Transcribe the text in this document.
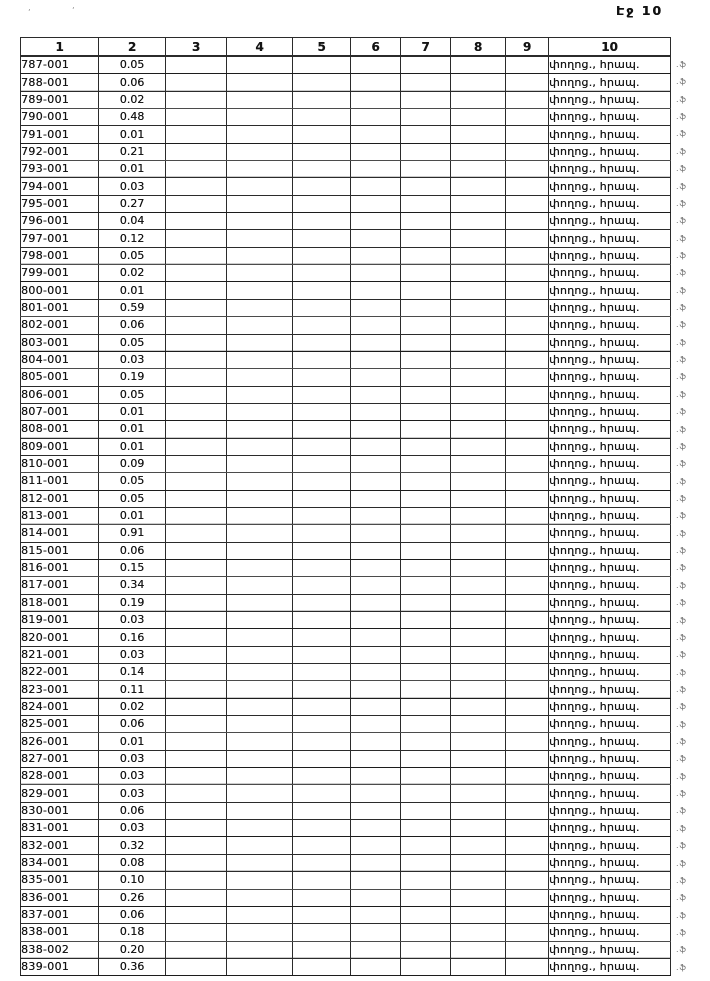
Էջ 10
՚	՚
1	2	3	4	5	6	7	8	9	10
787-001	0.05								փողոց., հրապ.
788-001	0.06								փողոց., հրապ.
789-001	0.02								փողոց., հրապ.
790-001	0.48								փողոց., հրապ.
791-001	0.01								փողոց., հրապ.
792-001	0.21								փողոց., հրապ.
793-001	0.01								փողոց., հրապ.
794-001	0.03								փողոց., հրապ.
795-001	0.27								փողոց., հրապ.
796-001	0.04								փողոց., հրապ.
797-001	0.12								փողոց., հրապ.
798-001	0.05								փողոց., հրապ.
799-001	0.02								փողոց., հրապ.
800-001	0.01								փողոց., հրապ.
801-001	0.59								փողոց., հրապ.
802-001	0.06								փողոց., հրապ.
803-001	0.05								փողոց., հրապ.
804-001	0.03								փողոց., հրապ.
805-001	0.19								փողոց., հրապ.
806-001	0.05								փողոց., հրապ.
807-001	0.01								փողոց., հրապ.
808-001	0.01								փողոց., հրապ.
809-001	0.01								փողոց., հրապ.
810-001	0.09								փողոց., հրապ.
811-001	0.05								փողոց., հրապ.
812-001	0.05								փողոց., հրապ.
813-001	0.01								փողոց., հրապ.
814-001	0.91								փողոց., հրապ.
815-001	0.06								փողոց., հրապ.
816-001	0.15								փողոց., հրապ.
817-001	0.34								փողոց., հրապ.
818-001	0.19								փողոց., հրապ.
819-001	0.03								փողոց., հրապ.
820-001	0.16								փողոց., հրապ.
821-001	0.03								փողոց., հրապ.
822-001	0.14								փողոց., հրապ.
823-001	0.11								փողոց., հրապ.
824-001	0.02								փողոց., հրապ.
825-001	0.06								փողոց., հրապ.
826-001	0.01								փողոց., հրապ.
827-001	0.03								փողոց., հրապ.
828-001	0.03								փողոց., հրապ.
829-001	0.03								փողոց., հրապ.
830-001	0.06								փողոց., հրապ.
831-001	0.03								փողոց., հրապ.
832-001	0.32								փողոց., հրապ.
834-001	0.08								փողոց., հրապ.
835-001	0.10								փողոց., հրապ.
836-001	0.26								փողոց., հրապ.
837-001	0.06								փողոց., հրապ.
838-001	0.18								փողոց., հրապ.
838-002	0.20								փողոց., հրապ.
839-001	0.36								փողոց., հրապ.
.ֆ
.ֆ
.ֆ
.ֆ
.ֆ
.ֆ
.ֆ
.ֆ
.ֆ
.ֆ
.ֆ
.ֆ
.ֆ
.ֆ
.ֆ
.ֆ
.ֆ
.ֆ
.ֆ
.ֆ
.ֆ
.ֆ
.ֆ
.ֆ
.ֆ
.ֆ
.ֆ
.ֆ
.ֆ
.ֆ
.ֆ
.ֆ
.ֆ
.ֆ
.ֆ
.ֆ
.ֆ
.ֆ
.ֆ
.ֆ
.ֆ
.ֆ
.ֆ
.ֆ
.ֆ
.ֆ
.ֆ
.ֆ
.ֆ
.ֆ
.ֆ
.ֆ
.ֆ
